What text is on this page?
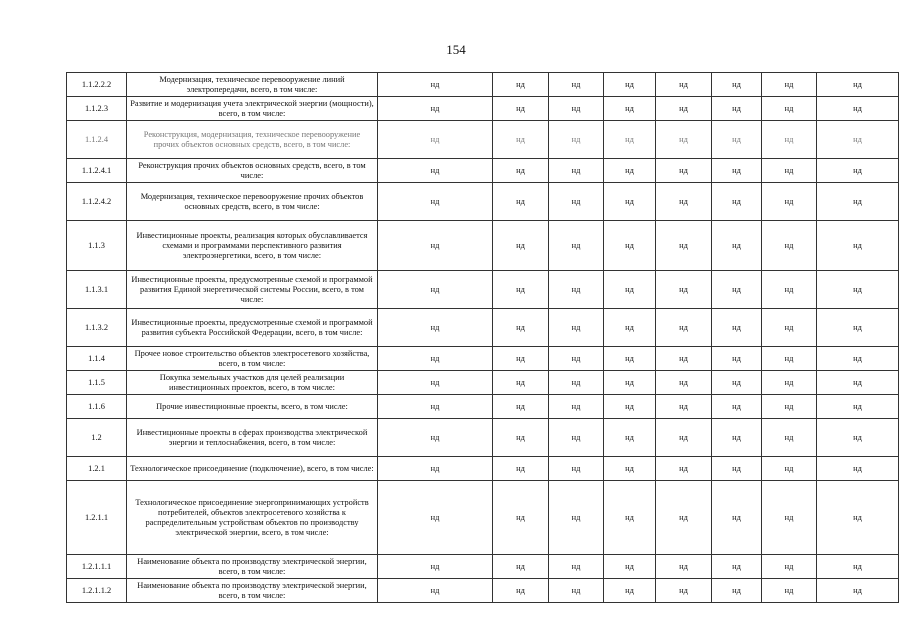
154
1.1.2.2.2	Модернизация, техническое перевооружение линий электропередачи, всего, в том числе:	нд	нд	нд	нд	нд	нд	нд	нд
1.1.2.3	Развитие и модернизация учета электрической энергии (мощности), всего, в том числе:	нд	нд	нд	нд	нд	нд	нд	нд
1.1.2.4	Реконструкция, модернизация, техническое перевооружение прочих объектов основных средств, всего, в том числе:	нд	нд	нд	нд	нд	нд	нд	нд
1.1.2.4.1	Реконструкция прочих объектов основных средств, всего, в том числе:	нд	нд	нд	нд	нд	нд	нд	нд
1.1.2.4.2	Модернизация, техническое перевооружение прочих объектов основных средств, всего, в том числе:	нд	нд	нд	нд	нд	нд	нд	нд
1.1.3	Инвестиционные проекты, реализация которых обуславливается схемами и программами перспективного развития электроэнергетики, всего, в том числе:	нд	нд	нд	нд	нд	нд	нд	нд
1.1.3.1	Инвестиционные проекты, предусмотренные схемой и программой развития Единой энергетической системы России, всего, в том числе:	нд	нд	нд	нд	нд	нд	нд	нд
1.1.3.2	Инвестиционные проекты, предусмотренные схемой и программой развития субъекта Российской Федерации, всего, в том числе:	нд	нд	нд	нд	нд	нд	нд	нд
1.1.4	Прочее новое строительство объектов электросетевого хозяйства, всего, в том числе:	нд	нд	нд	нд	нд	нд	нд	нд
1.1.5	Покупка земельных участков для целей реализации инвестиционных проектов, всего, в том числе:	нд	нд	нд	нд	нд	нд	нд	нд
1.1.6	Прочие инвестиционные проекты, всего, в том числе:	нд	нд	нд	нд	нд	нд	нд	нд
1.2	Инвестиционные проекты в сферах производства электрической энергии и теплоснабжения, всего, в том числе:	нд	нд	нд	нд	нд	нд	нд	нд
1.2.1	Технологическое присоединение (подключение), всего, в том числе:	нд	нд	нд	нд	нд	нд	нд	нд
1.2.1.1	Технологическое присоединение энергопринимающих устройств потребителей, объектов электросетевого хозяйства к распределительным устройствам объектов по производству электрической энергии, всего, в том числе:	нд	нд	нд	нд	нд	нд	нд	нд
1.2.1.1.1	Наименование объекта по производству электрической энергии, всего, в том числе:	нд	нд	нд	нд	нд	нд	нд	нд
1.2.1.1.2	Наименование объекта по производству электрической энергии, всего, в том числе:	нд	нд	нд	нд	нд	нд	нд	нд
